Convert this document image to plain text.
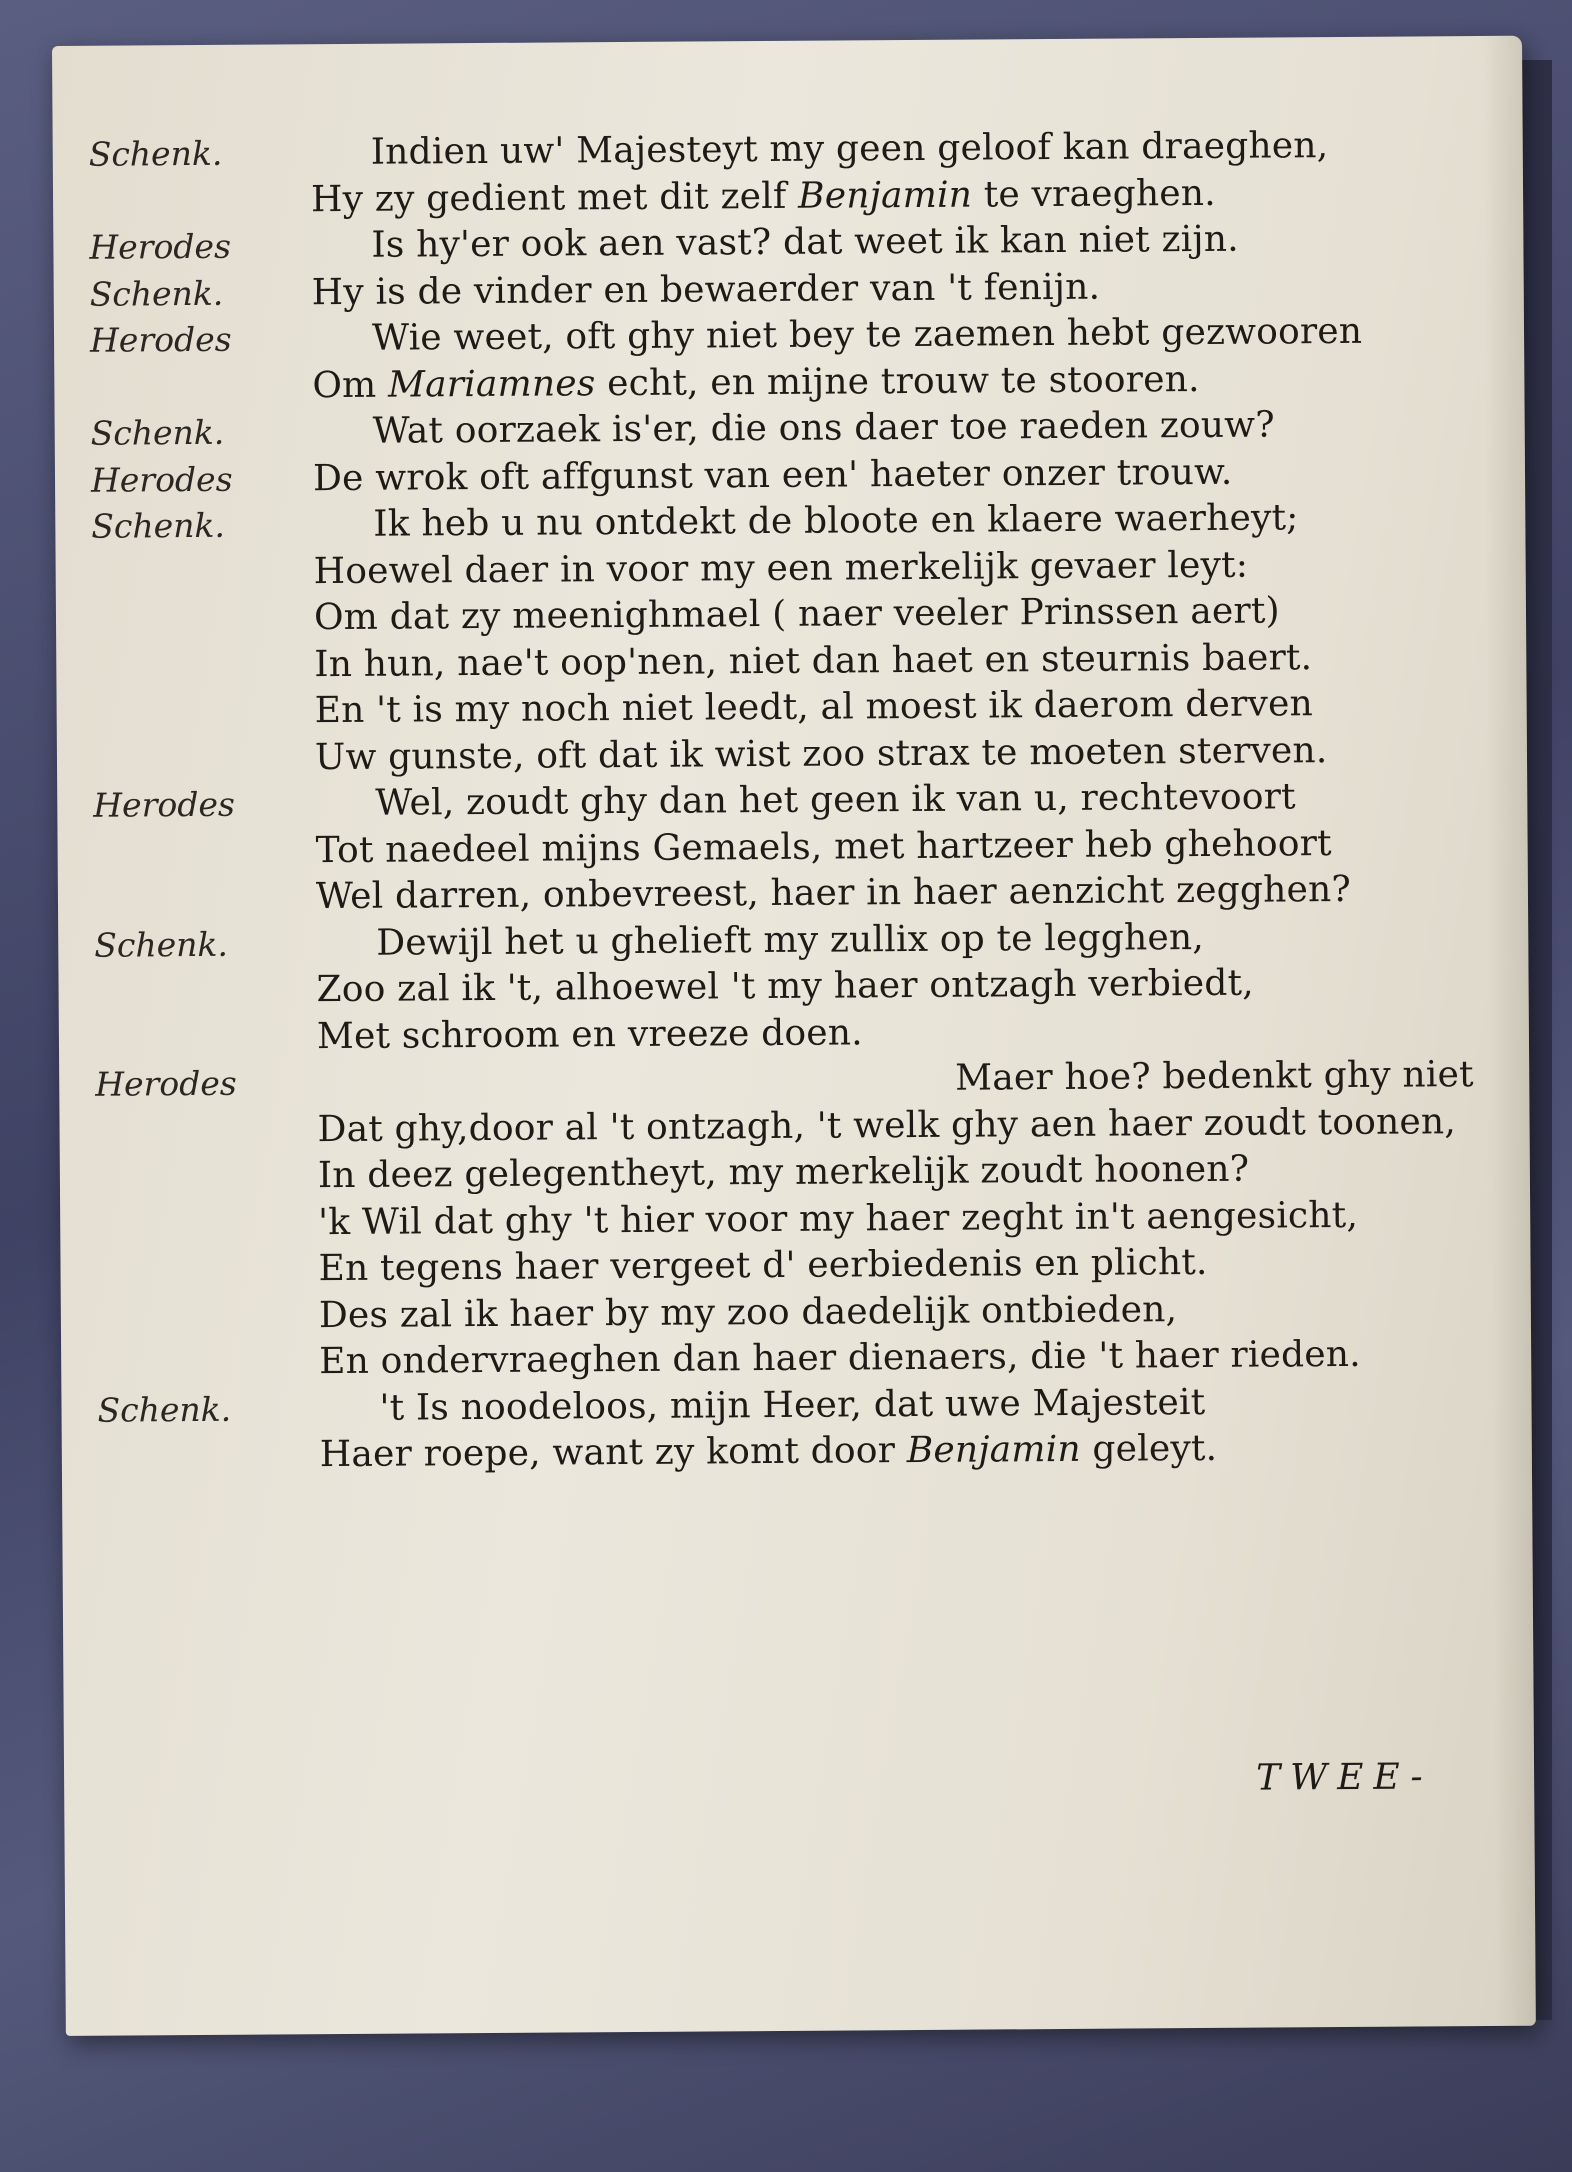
Schenk.	Indien uw' Majesteyt my geen geloof kan draeghen,
Hy zy gedient met dit zelf Benjamin te vraeghen.
Herodes	Is hy'er ook aen vast? dat weet ik kan niet zijn.
Schenk.	Hy is de vinder en bewaerder van 't fenijn.
Herodes	Wie weet, oft ghy niet bey te zaemen hebt gezwooren
Om Mariamnes echt, en mijne trouw te stooren.
Schenk.	Wat oorzaek is'er, die ons daer toe raeden zouw?
Herodes	De wrok oft affgunst van een' haeter onzer trouw.
Schenk.	Ik heb u nu ontdekt de bloote en klaere waerheyt;
Hoewel daer in voor my een merkelijk gevaer leyt:
Om dat zy meenighmael ( naer veeler Prinssen aert)
In hun, nae't oop'nen, niet dan haet en steurnis baert.
En 't is my noch niet leedt, al moest ik daerom derven
Uw gunste, oft dat ik wist zoo strax te moeten sterven.
Herodes	Wel, zoudt ghy dan het geen ik van u, rechtevoort
Tot naedeel mijns Gemaels, met hartzeer heb ghehoort
Wel darren, onbevreest, haer in haer aenzicht zegghen?
Schenk.	Dewijl het u ghelieft my zullix op te legghen,
Zoo zal ik 't, alhoewel 't my haer ontzagh verbiedt,
Met schroom en vreeze doen.
Herodes	Maer hoe? bedenkt ghy niet
Dat ghy,door al 't ontzagh, 't welk ghy aen haer zoudt toonen,
In deez gelegentheyt, my merkelijk zoudt hoonen?
'k Wil dat ghy 't hier voor my haer zeght in't aengesicht,
En tegens haer vergeet d' eerbiedenis en plicht.
Des zal ik haer by my zoo daedelijk ontbieden,
En ondervraeghen dan haer dienaers, die 't haer rieden.
Schenk.	't Is noodeloos, mijn Heer, dat uwe Majesteit
Haer roepe, want zy komt door Benjamin geleyt.
TWEE-
